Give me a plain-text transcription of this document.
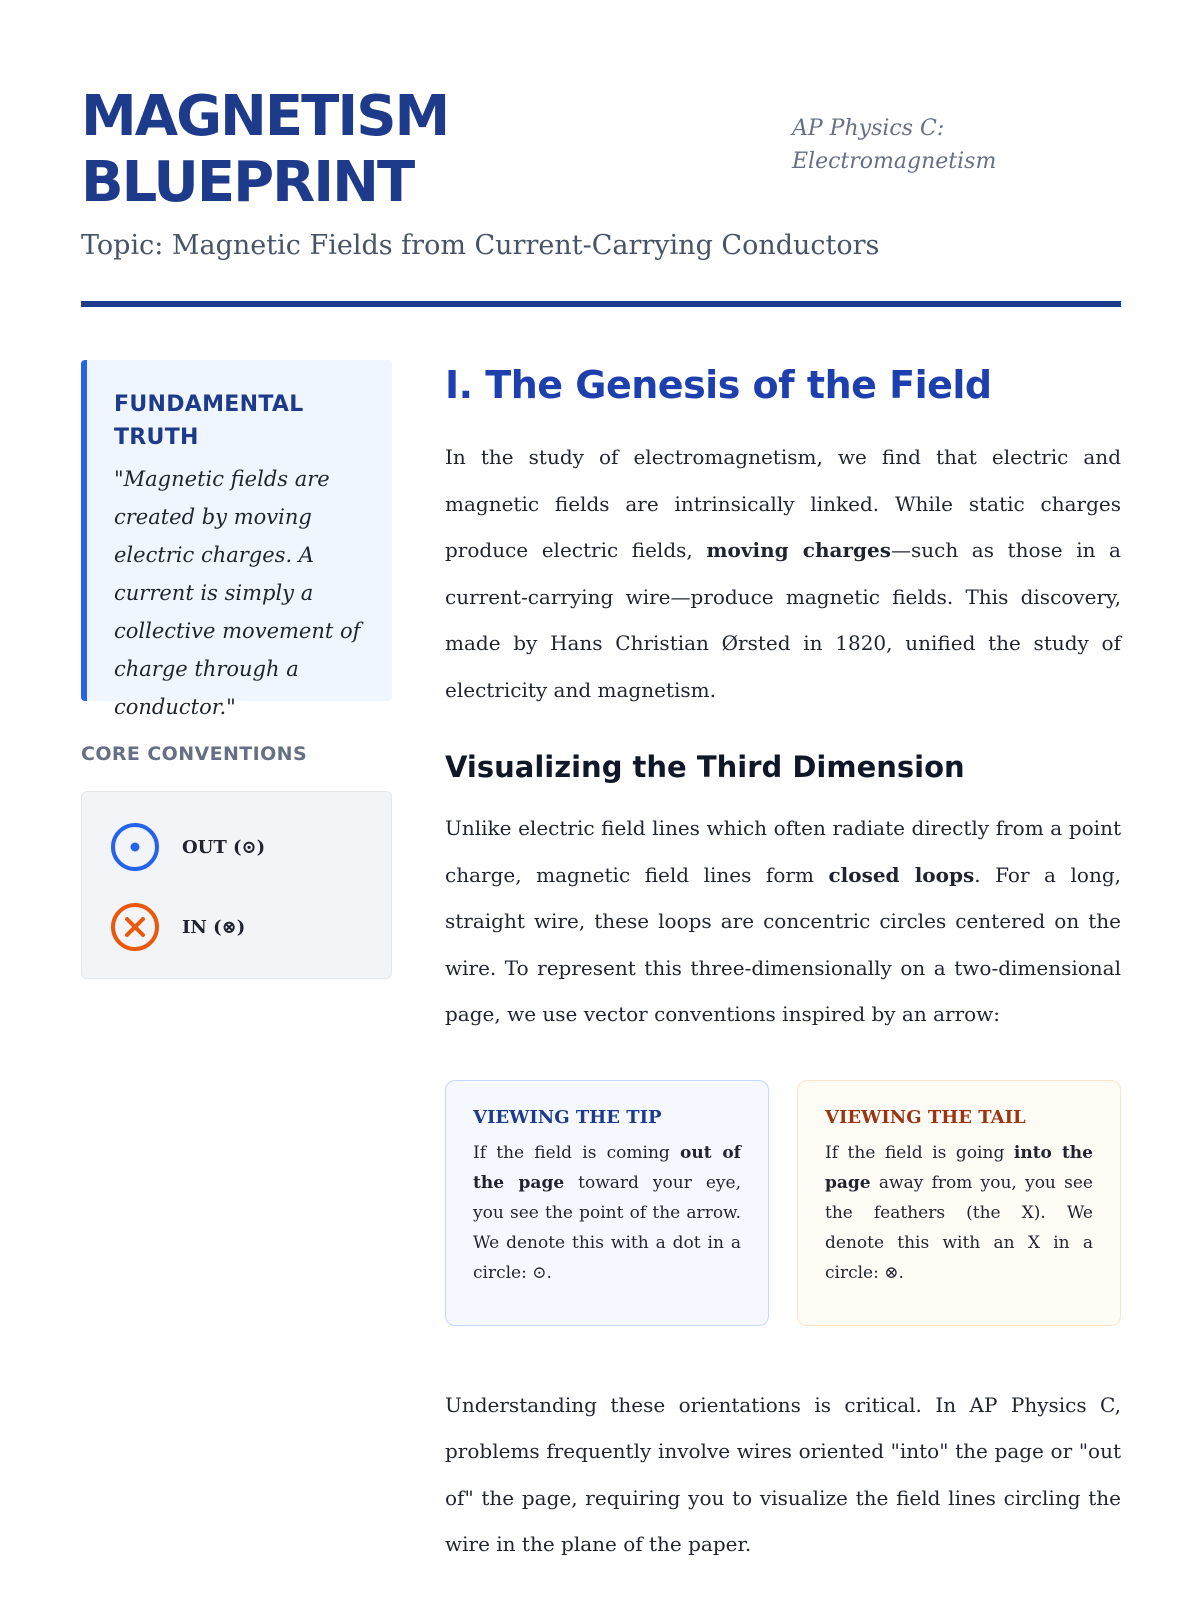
MAGNETISM
BLUEPRINT
AP Physics C:
Electromagnetism
Topic: Magnetic Fields from Current-Carrying Conductors
FUNDAMENTAL
TRUTH

"Magnetic fields are created by moving electric charges. A current is simply a collective movement of charge through a conductor."

CORE CONVENTIONS
OUT (⊙)
IN (⊗)
I. The Genesis of the Field

In the study of electromagnetism, we find that electric and magnetic fields are intrinsically linked. While static charges produce electric fields, moving charges—such as those in a current-carrying wire—produce magnetic fields. This discovery, made by Hans Christian Ørsted in 1820, unified the study of electricity and magnetism.

Visualizing the Third Dimension

Unlike electric field lines which often radiate directly from a point charge, magnetic field lines form closed loops. For a long, straight wire, these loops are concentric circles centered on the wire. To represent this three-dimensionally on a two-dimensional page, we use vector conventions inspired by an arrow:

VIEWING THE TIP

If the field is coming out of the page toward your eye, you see the point of the arrow. We denote this with a dot in a circle: ⊙.

VIEWING THE TAIL

If the field is going into the page away from you, you see the feathers (the X). We denote this with an X in a circle: ⊗.

Understanding these orientations is critical. In AP Physics C, problems frequently involve wires oriented "into" the page or "out of" the page, requiring you to visualize the field lines circling the wire in the plane of the paper.
